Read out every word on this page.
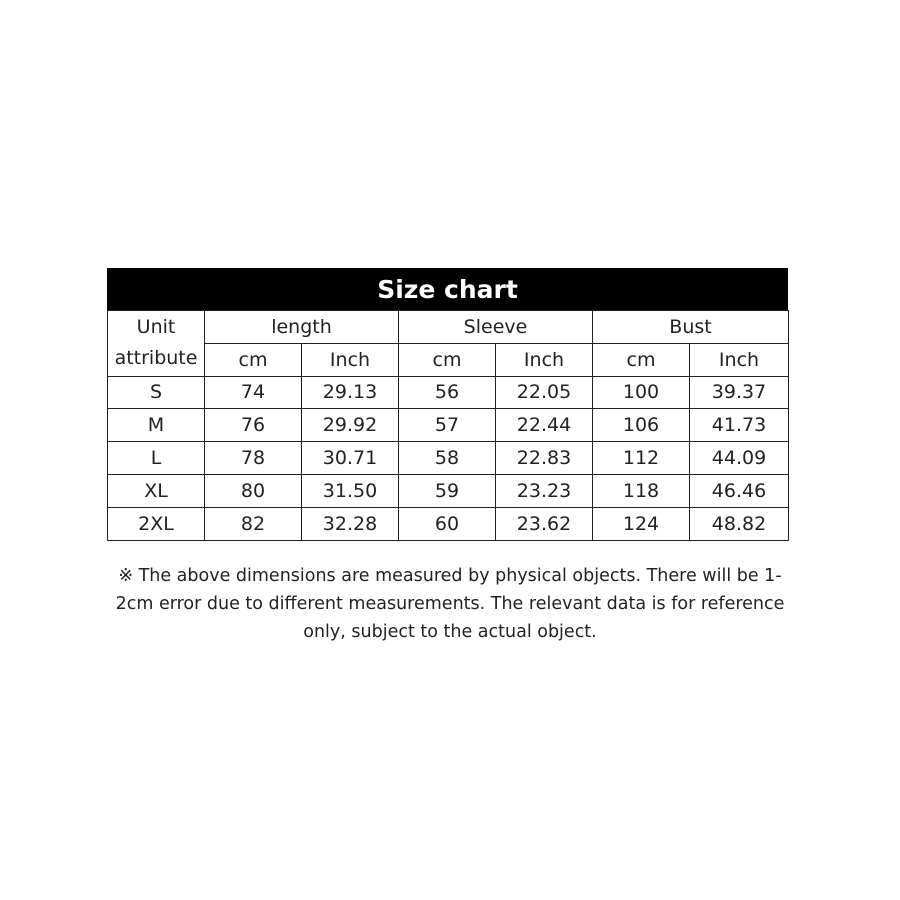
Size chart
Unit
attribute	length		Sleeve		Bust	
	cm	Inch	cm	Inch	cm	Inch
S	74	29.13	56	22.05	100	39.37
M	76	29.92	57	22.44	106	41.73
L	78	30.71	58	22.83	112	44.09
XL	80	31.50	59	23.23	118	46.46
2XL	82	32.28	60	23.62	124	48.82
※ The above dimensions are measured by physical objects. There will be 1-2cm error due to different measurements. The relevant data is for reference only, subject to the actual object.
